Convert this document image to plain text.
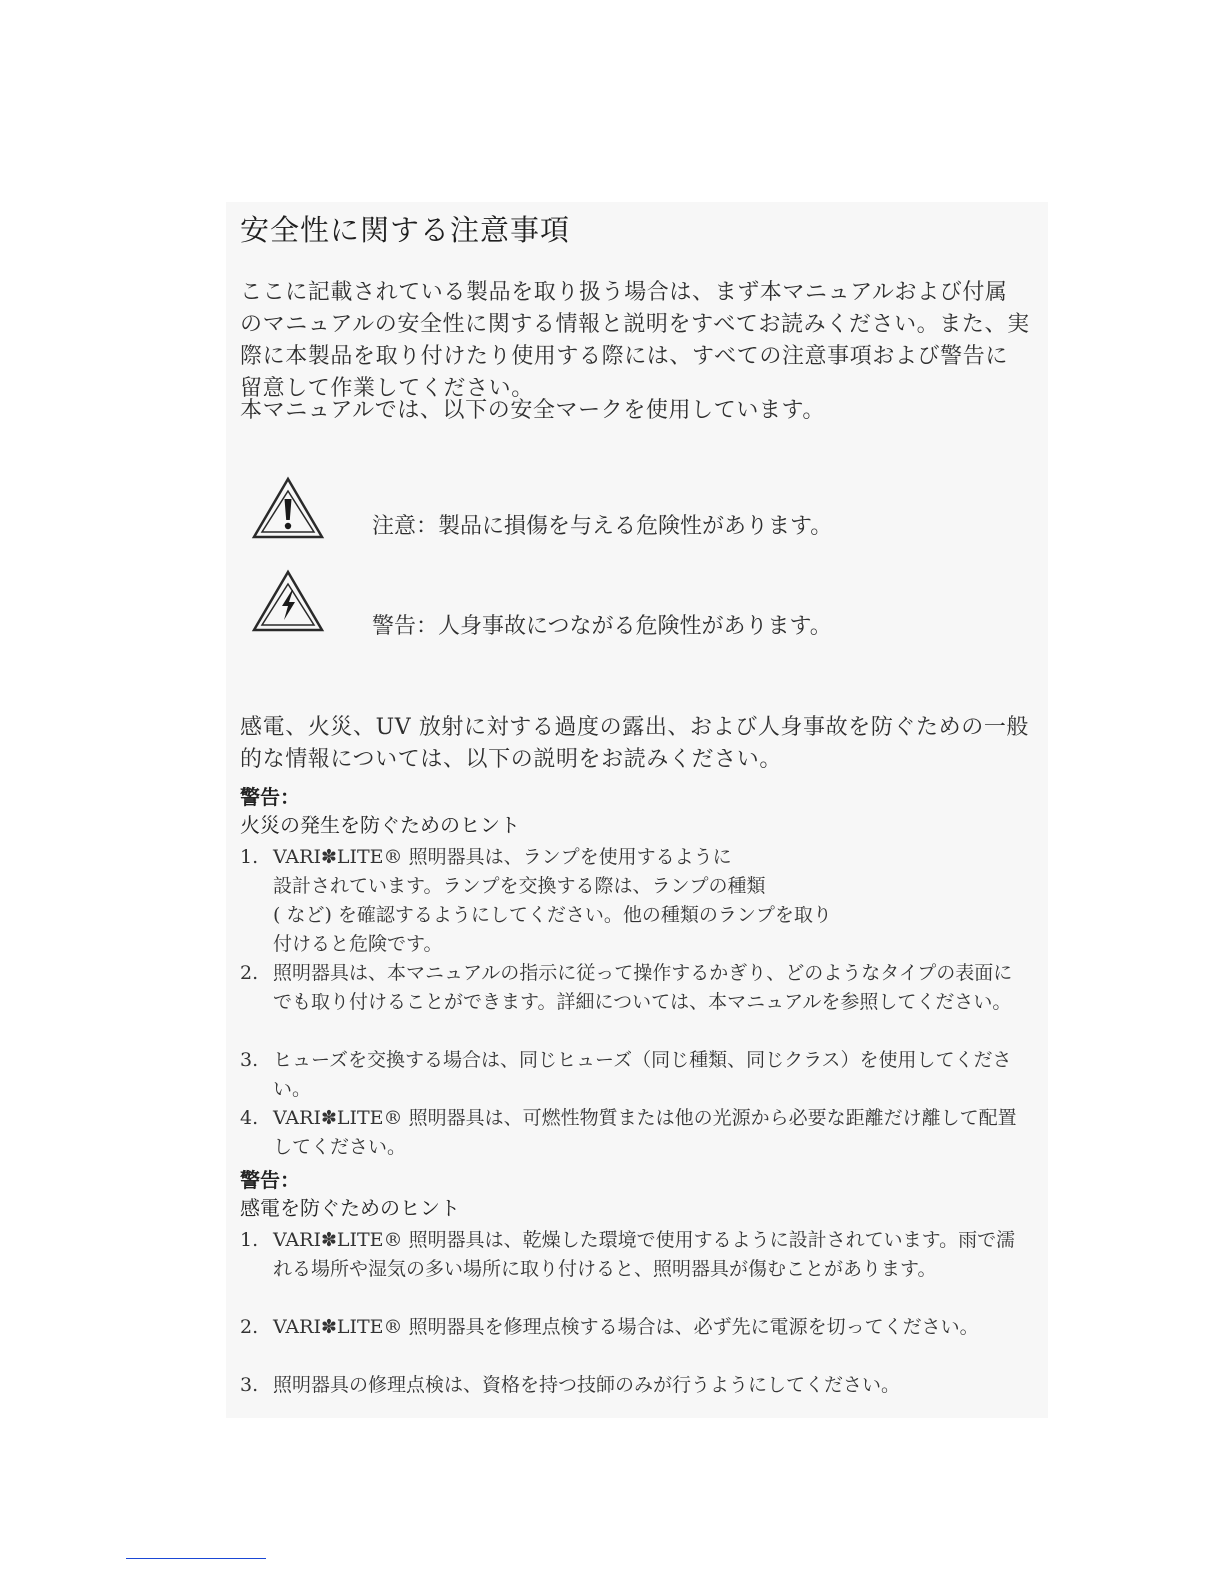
安全性に関する注意事項
ここに記載されている製品を取り扱う場合は、まず本マニュアルおよび付属のマニュアルの安全性に関する情報と説明をすべてお読みください。また、実際に本製品を取り付けたり使用する際には、すべての注意事項および警告に留意して作業してください。
本マニュアルでは、以下の安全マークを使用しています。
注意：製品に損傷を与える危険性があります。
警告：人身事故につながる危険性があります。
感電、火災、UV 放射に対する過度の露出、および人身事故を防ぐための一般的な情報については、以下の説明をお読みください。
警告：
火災の発生を防ぐためのヒント
1. VARI✽LITE® 照明器具は、ランプを使用するように
設計されています。ランプを交換する際は、ランプの種類
( など) を確認するようにしてください。他の種類のランプを取り
付けると危険です。
2. 照明器具は、本マニュアルの指示に従って操作するかぎり、どのようなタイプの表面にでも取り付けることができます。詳細については、本マニュアルを参照してください。
3. ヒューズを交換する場合は、同じヒューズ（同じ種類、同じクラス）を使用してください。
4. VARI✽LITE® 照明器具は、可燃性物質または他の光源から必要な距離だけ離して配置してください。
警告：
感電を防ぐためのヒント
1. VARI✽LITE® 照明器具は、乾燥した環境で使用するように設計されています。雨で濡れる場所や湿気の多い場所に取り付けると、照明器具が傷むことがあります。
2. VARI✽LITE® 照明器具を修理点検する場合は、必ず先に電源を切ってください。
3. 照明器具の修理点検は、資格を持つ技師のみが行うようにしてください。
